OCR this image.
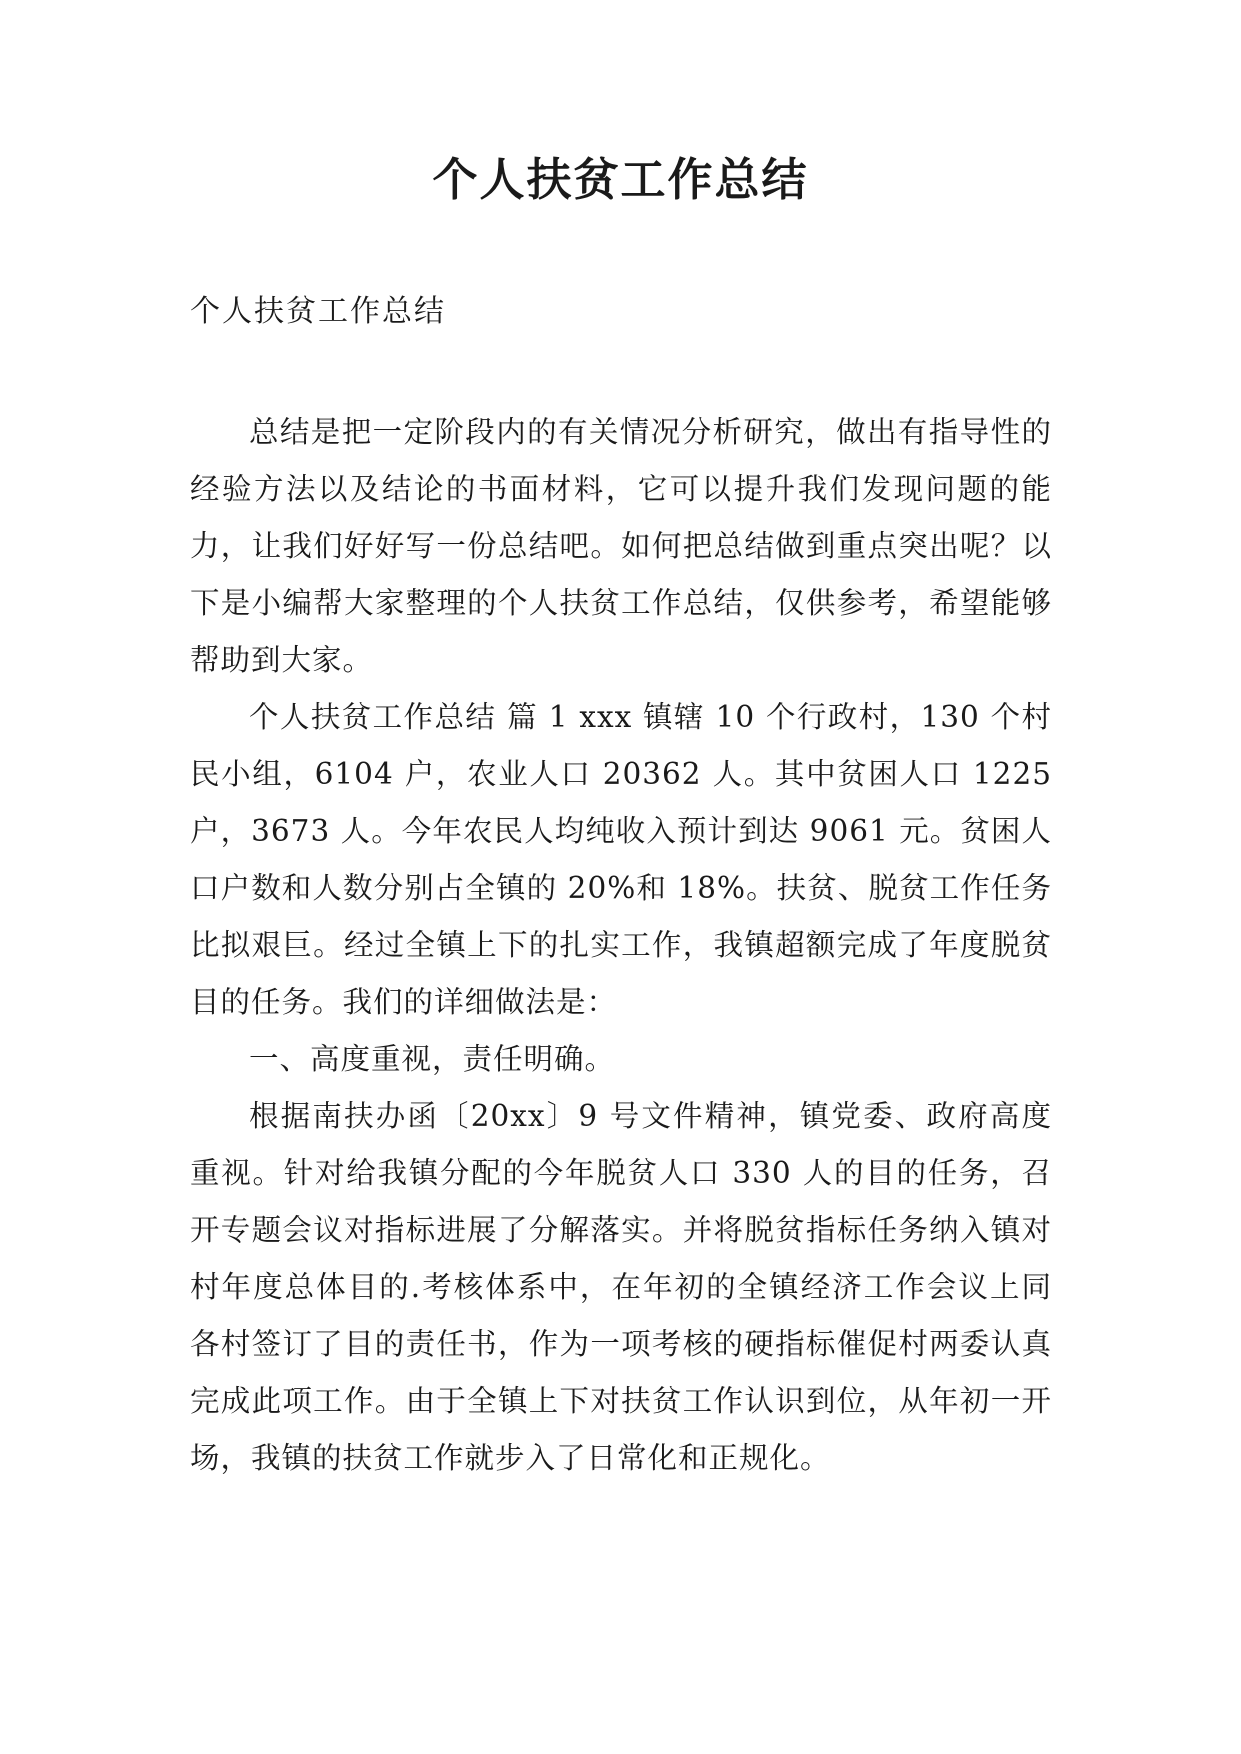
个人扶贫工作总结

个人扶贫工作总结

总结是把一定阶段内的有关情况分析研究，做出有指导性的经验方法以及结论的书面材料，它可以提升我们发现问题的能力，让我们好好写一份总结吧。如何把总结做到重点突出呢？以下是小编帮大家整理的个人扶贫工作总结，仅供参考，希望能够帮助到大家。

个人扶贫工作总结 篇 1 xxx 镇辖 10 个行政村，130 个村民小组，6104 户，农业人口 20362 人。其中贫困人口 1225 户，3673 人。今年农民人均纯收入预计到达 9061 元。贫困人口户数和人数分别占全镇的 20%和 18%。扶贫、脱贫工作任务比拟艰巨。经过全镇上下的扎实工作，我镇超额完成了年度脱贫目的任务。我们的详细做法是：

一、高度重视，责任明确。

根据南扶办函〔20xx〕9 号文件精神，镇党委、政府高度重视。针对给我镇分配的今年脱贫人口 330 人的目的任务，召开专题会议对指标进展了分解落实。并将脱贫指标任务纳入镇对村年度总体目的.考核体系中，在年初的全镇经济工作会议上同各村签订了目的责任书，作为一项考核的硬指标催促村两委认真完成此项工作。由于全镇上下对扶贫工作认识到位，从年初一开场，我镇的扶贫工作就步入了日常化和正规化。
